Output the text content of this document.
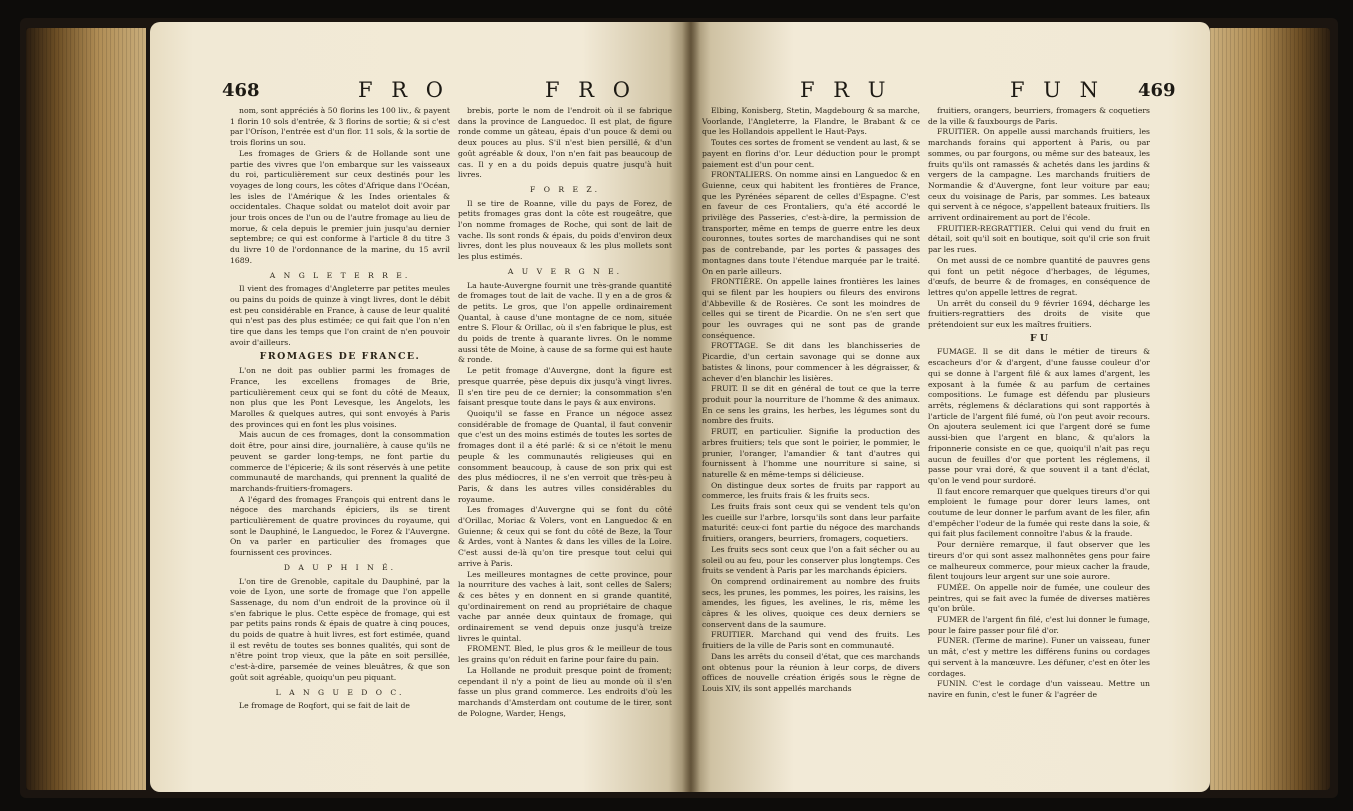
468	F R O	F R O

nom, sont appréciés à 50 florins les 100 liv., & payent 1 florin 10 sols d'entrée, & 3 florins de sortie; & si c'est par l'Oríson, l'entrée est d'un flor. 11 sols, & la sortie de trois florins un sou.

Les fromages de Griers & de Hollande sont une partie des vivres que l'on embarque sur les vaisseaux du roi, particulièrement sur ceux destinés pour les voyages de long cours, les côtes d'Afrique dans l'Océan, les isles de l'Amérique & les Indes orientales & occidentales. Chaque soldat ou matelot doit avoir par jour trois onces de l'un ou de l'autre fromage au lieu de morue, & cela depuis le premier juin jusqu'au dernier septembre; ce qui est conforme à l'article 8 du titre 3 du livre 10 de l'ordonnance de la marine, du 15 avril 1689.

A N G L E T E R R E.

Il vient des fromages d'Angleterre par petites meules ou pains du poids de quinze à vingt livres, dont le débit est peu considérable en France, à cause de leur qualité qui n'est pas des plus estimée; ce qui fait que l'on n'en tire que dans les temps que l'on craint de n'en pouvoir avoir d'ailleurs.

FROMAGES DE FRANCE.

L'on ne doit pas oublier parmi les fromages de France, les excellens fromages de Brie, particulièrement ceux qui se font du côté de Meaux, non plus que les Pont Levesque, les Angelots, les Marolles & quelques autres, qui sont envoyés à Paris des provinces qui en font les plus voisines.

Mais aucun de ces fromages, dont la consommation doit être, pour ainsi dire, journalière, à cause qu'ils ne peuvent se garder long-temps, ne font partie du commerce de l'épicerie; & ils sont réservés à une petite communauté de marchands, qui prennent la qualité de marchands-fruitiers-fromagers.

A l'égard des fromages François qui entrent dans le négoce des marchands épiciers, ils se tirent particulièrement de quatre provinces du royaume, qui sont le Dauphiné, le Languedoc, le Forez & l'Auvergne. On va parler en particulier des fromages que fournissent ces provinces.

D A U P H I N É.

L'on tire de Grenoble, capitale du Dauphiné, par la voie de Lyon, une sorte de fromage que l'on appelle Sassenage, du nom d'un endroit de la province où il s'en fabrique le plus. Cette espèce de fromage, qui est par petits pains ronds & épais de quatre à cinq pouces, du poids de quatre à huit livres, est fort estimée, quand il est revêtu de toutes ses bonnes qualités, qui sont de n'être point trop vieux, que la pâte en soit persillée, c'est-à-dire, parsemée de veines bleuâtres, & que son goût soit agréable, quoiqu'un peu piquant.

L A N G U E D O C.

Le fromage de Roqfort, qui se fait de lait de

brebis, porte le nom de l'endroit où il se fabrique dans la province de Languedoc. Il est plat, de figure ronde comme un gâteau, épais d'un pouce & demi ou deux pouces au plus. S'il n'est bien persillé, & d'un goût agréable & doux, l'on n'en fait pas beaucoup de cas. Il y en a du poids depuis quatre jusqu'à huit livres.

F O R E Z.

Il se tire de Roanne, ville du pays de Forez, de petits fromages gras dont la côte est rougeâtre, que l'on nomme fromages de Roche, qui sont de lait de vache. Ils sont ronds & épais, du poids d'environ deux livres, dont les plus nouveaux & les plus mollets sont les plus estimés.

A U V E R G N E.

La haute-Auvergne fournit une très-grande quantité de fromages tout de lait de vache. Il y en a de gros & de petits. Le gros, que l'on appelle ordinairement Quantal, à cause d'une montagne de ce nom, située entre S. Flour & Orillac, où il s'en fabrique le plus, est du poids de trente à quarante livres. On le nomme aussi tête de Moine, à cause de sa forme qui est haute & ronde.

Le petit fromage d'Auvergne, dont la figure est presque quarrée, pèse depuis dix jusqu'à vingt livres. Il s'en tire peu de ce dernier; la consommation s'en faisant presque toute dans le pays & aux environs.

Quoiqu'il se fasse en France un négoce assez considérable de fromage de Quantal, il faut convenir que c'est un des moins estimés de toutes les sortes de fromages dont il a été parlé: & si ce n'étoit le menu peuple & les communautés religieuses qui en consomment beaucoup, à cause de son prix qui est des plus médiocres, il ne s'en verroit que très-peu à Paris, & dans les autres villes considérables du royaume.

Les fromages d'Auvergne qui se font du côté d'Orillac, Moriac & Volers, vont en Languedoc & en Guienne; & ceux qui se font du côté de Beze, la Tour & Ardes, vont à Nantes & dans les villes de la Loire. C'est aussi de-là qu'on tire presque tout celui qui arrive à Paris.

Les meilleures montagnes de cette province, pour la nourriture des vaches à lait, sont celles de Salers; & ces bêtes y en donnent en si grande quantité, qu'ordinairement on rend au propriétaire de chaque vache par année deux quintaux de fromage, qui ordinairement se vend depuis onze jusqu'à treize livres le quintal.

FROMENT. Bled, le plus gros & le meilleur de tous les grains qu'on réduit en farine pour faire du pain.

La Hollande ne produit presque point de froment; cependant il n'y a point de lieu au monde où il s'en fasse un plus grand commerce. Les endroits d'où les marchands d'Amsterdam ont coutume de le tirer, sont de Pologne, Warder, Hengs,

F R U	F U N 469

Elbing, Konisberg, Stetin, Magdebourg & sa marche, Voorlande, l'Angleterre, la Flandre, le Brabant & ce que les Hollandois appellent le Haut-Pays.

Toutes ces sortes de froment se vendent au last, & se payent en florins d'or. Leur déduction pour le prompt paiement est d'un pour cent.

FRONTALIERS. On nomme ainsi en Languedoc & en Guienne, ceux qui habitent les frontières de France, que les Pyrénées séparent de celles d'Espagne. C'est en faveur de ces Frontaliers, qu'a été accordé le privilège des Passeries, c'est-à-dire, la permission de transporter, même en temps de guerre entre les deux couronnes, toutes sortes de marchandises qui ne sont pas de contrebande, par les portes & passages des montagnes dans toute l'étendue marquée par le traité. On en parle ailleurs.

FRONTIÈRE. On appelle laines frontières les laines qui se filent par les houpiers ou fileurs des environs d'Abbeville & de Rosières. Ce sont les moindres de celles qui se tirent de Picardie. On ne s'en sert que pour les ouvrages qui ne sont pas de grande conséquence.

FROTTAGE. Se dit dans les blanchisseries de Picardie, d'un certain savonage qui se donne aux batistes & linons, pour commencer à les dégraisser, & achever d'en blanchir les lisières.

FRUIT. Il se dit en général de tout ce que la terre produit pour la nourriture de l'homme & des animaux. En ce sens les grains, les herbes, les légumes sont du nombre des fruits.

FRUIT, en particulier. Signifie la production des arbres fruitiers; tels que sont le poirier, le pommier, le prunier, l'oranger, l'amandier & tant d'autres qui fournissent à l'homme une nourriture si saine, si naturelle & en même-temps si délicieuse.

On distingue deux sortes de fruits par rapport au commerce, les fruits frais & les fruits secs.

Les fruits frais sont ceux qui se vendent tels qu'on les cueille sur l'arbre, lorsqu'ils sont dans leur parfaite maturité: ceux-ci font partie du négoce des marchands fruitiers, orangers, beurriers, fromagers, coquetiers.

Les fruits secs sont ceux que l'on a fait sécher ou au soleil ou au feu, pour les conserver plus longtemps. Ces fruits se vendent à Paris par les marchands épiciers.

On comprend ordinairement au nombre des fruits secs, les prunes, les pommes, les poires, les raisins, les amendes, les figues, les avelines, le ris, même les câpres & les olives, quoique ces deux derniers se conservent dans de la saumure.

FRUITIER. Marchand qui vend des fruits. Les fruitiers de la ville de Paris sont en communauté.

Dans les arrêts du conseil d'état, que ces marchands ont obtenus pour la réunion à leur corps, de divers offices de nouvelle création érigés sous le règne de Louis XIV, ils sont appellés marchands

fruitiers, orangers, beurriers, fromagers & coquetiers de la ville & fauxbourgs de Paris.

FRUITIER. On appelle aussi marchands fruitiers, les marchands forains qui apportent à Paris, ou par sommes, ou par fourgons, ou même sur des bateaux, les fruits qu'ils ont ramassés & achetés dans les jardins & vergers de la campagne. Les marchands fruitiers de Normandie & d'Auvergne, font leur voiture par eau; ceux du voisinage de Paris, par sommes. Les bateaux qui servent à ce négoce, s'appellent bateaux fruitiers. Ils arrivent ordinairement au port de l'école.

FRUITIER-REGRATTIER. Celui qui vend du fruit en détail, soit qu'il soit en boutique, soit qu'il crie son fruit par les rues.

On met aussi de ce nombre quantité de pauvres gens qui font un petit négoce d'herbages, de légumes, d'œufs, de beurre & de fromages, en conséquence de lettres qu'on appelle lettres de regrat.

Un arrêt du conseil du 9 février 1694, décharge les fruitiers-regrattiers des droits de visite que prétendoient sur eux les maîtres fruitiers.

F U

FUMAGE. Il se dit dans le métier de tireurs & escacheurs d'or & d'argent, d'une fausse couleur d'or qui se donne à l'argent filé & aux lames d'argent, les exposant à la fumée & au parfum de certaines compositions. Le fumage est défendu par plusieurs arrêts, réglemens & déclarations qui sont rapportés à l'article de l'argent filé fumé, où l'on peut avoir recours. On ajoutera seulement ici que l'argent doré se fume aussi-bien que l'argent en blanc, & qu'alors la friponnerie consiste en ce que, quoiqu'il n'ait pas reçu aucun de feuilles d'or que portent les réglemens, il passe pour vrai doré, & que souvent il a tant d'éclat, qu'on le vend pour surdoré.

Il faut encore remarquer que quelques tireurs d'or qui emploient le fumage pour dorer leurs lames, ont coutume de leur donner le parfum avant de les filer, afin d'empêcher l'odeur de la fumée qui reste dans la soie, & qui fait plus facilement connoître l'abus & la fraude.

Pour dernière remarque, il faut observer que les tireurs d'or qui sont assez malhonnêtes gens pour faire ce malheureux commerce, pour mieux cacher la fraude, filent toujours leur argent sur une soie aurore.

FUMÉE. On appelle noir de fumée, une couleur des peintres, qui se fait avec la fumée de diverses matières qu'on brûle.

FUMER de l'argent fin filé, c'est lui donner le fumage, pour le faire passer pour filé d'or.

FUNER. (Terme de marine). Funer un vaisseau, funer un mât, c'est y mettre les différens funins ou cordages qui servent à la manœuvre. Les défuner, c'est en ôter les cordages.

FUNIN. C'est le cordage d'un vaisseau. Mettre un navire en funin, c'est le funer & l'agréer de
